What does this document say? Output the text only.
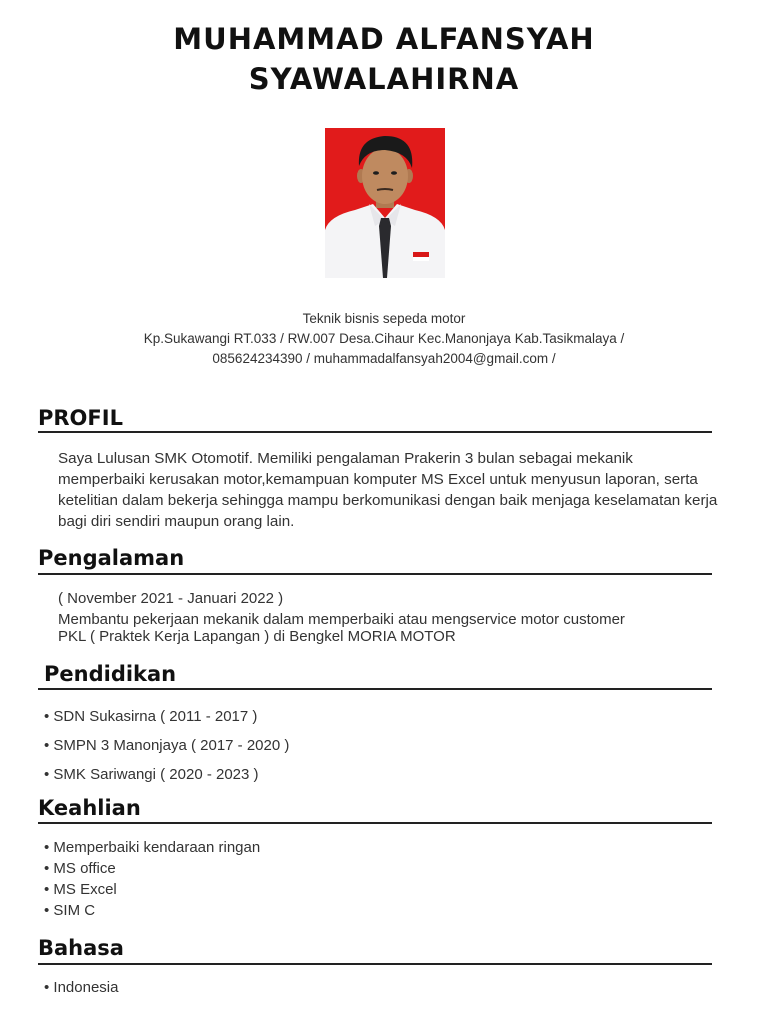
MUHAMMAD ALFANSYAH
SYAWALAHIRNA
Teknik bisnis sepeda motor
Kp.Sukawangi RT.033 / RW.007 Desa.Cihaur Kec.Manonjaya Kab.Tasikmalaya /
085624234390 / muhammadalfansyah2004@gmail.com /
PROFIL

Saya Lulusan SMK Otomotif. Memiliki pengalaman Prakerin 3 bulan sebagai mekanik memperbaiki kerusakan motor,kemampuan komputer MS Excel untuk menyusun laporan, serta ketelitian dalam bekerja sehingga mampu berkomunikasi dengan baik menjaga keselamatan kerja bagi diri sendiri maupun orang lain.

Pengalaman
( November 2021 - Januari 2022 )
Membantu pekerjaan mekanik dalam memperbaiki atau mengservice motor customer
PKL ( Praktek Kerja Lapangan ) di Bengkel MORIA MOTOR
Pendidikan
• SDN Sukasirna ( 2011 - 2017 )
• SMPN 3 Manonjaya ( 2017 - 2020 )
• SMK Sariwangi ( 2020 - 2023 )
Keahlian
• Memperbaiki kendaraan ringan
• MS office
• MS Excel
• SIM C
Bahasa
• Indonesia
